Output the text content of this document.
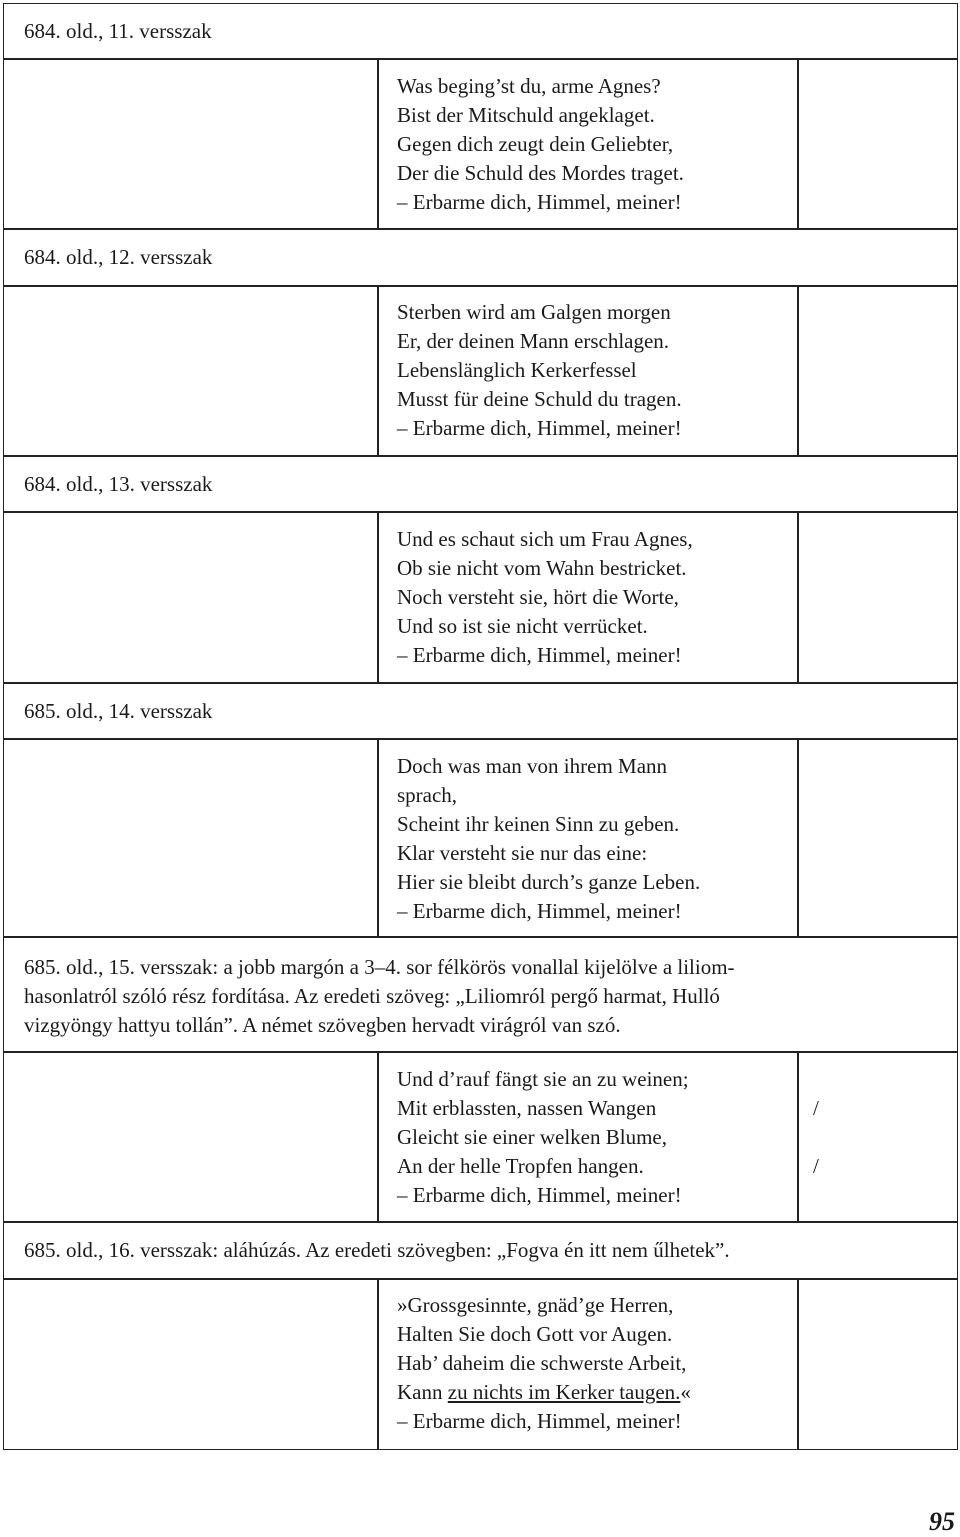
684. old., 11. versszak
Was beging’st du, arme Agnes?
Bist der Mitschuld angeklaget.
Gegen dich zeugt dein Geliebter,
Der die Schuld des Mordes traget.
– Erbarme dich, Himmel, meiner!
684. old., 12. versszak
Sterben wird am Galgen morgen
Er, der deinen Mann erschlagen.
Lebenslänglich Kerkerfessel
Musst für deine Schuld du tragen.
– Erbarme dich, Himmel, meiner!
684. old., 13. versszak
Und es schaut sich um Frau Agnes,
Ob sie nicht vom Wahn bestricket.
Noch versteht sie, hört die Worte,
Und so ist sie nicht verrücket.
– Erbarme dich, Himmel, meiner!
685. old., 14. versszak
Doch was man von ihrem Mann
sprach,
Scheint ihr keinen Sinn zu geben.
Klar versteht sie nur das eine:
Hier sie bleibt durch’s ganze Leben.
– Erbarme dich, Himmel, meiner!
685. old., 15. versszak: a jobb margón a 3–4. sor félkörös vonallal kijelölve a liliom-
hasonlatról szóló rész fordítása. Az eredeti szöveg: „Liliomról pergő harmat, Hulló
vizgyöngy hattyu tollán”. A német szövegben hervadt virágról van szó.
Und d’rauf fängt sie an zu weinen;
Mit erblassten, nassen Wangen
Gleicht sie einer welken Blume,
An der helle Tropfen hangen.
– Erbarme dich, Himmel, meiner!
/
/
685. old., 16. versszak: aláhúzás. Az eredeti szövegben: „Fogva én itt nem űlhetek”.
»Grossgesinnte, gnäd’ge Herren,
Halten Sie doch Gott vor Augen.
Hab’ daheim die schwerste Arbeit,
Kann zu nichts im Kerker taugen.«
– Erbarme dich, Himmel, meiner!
95
